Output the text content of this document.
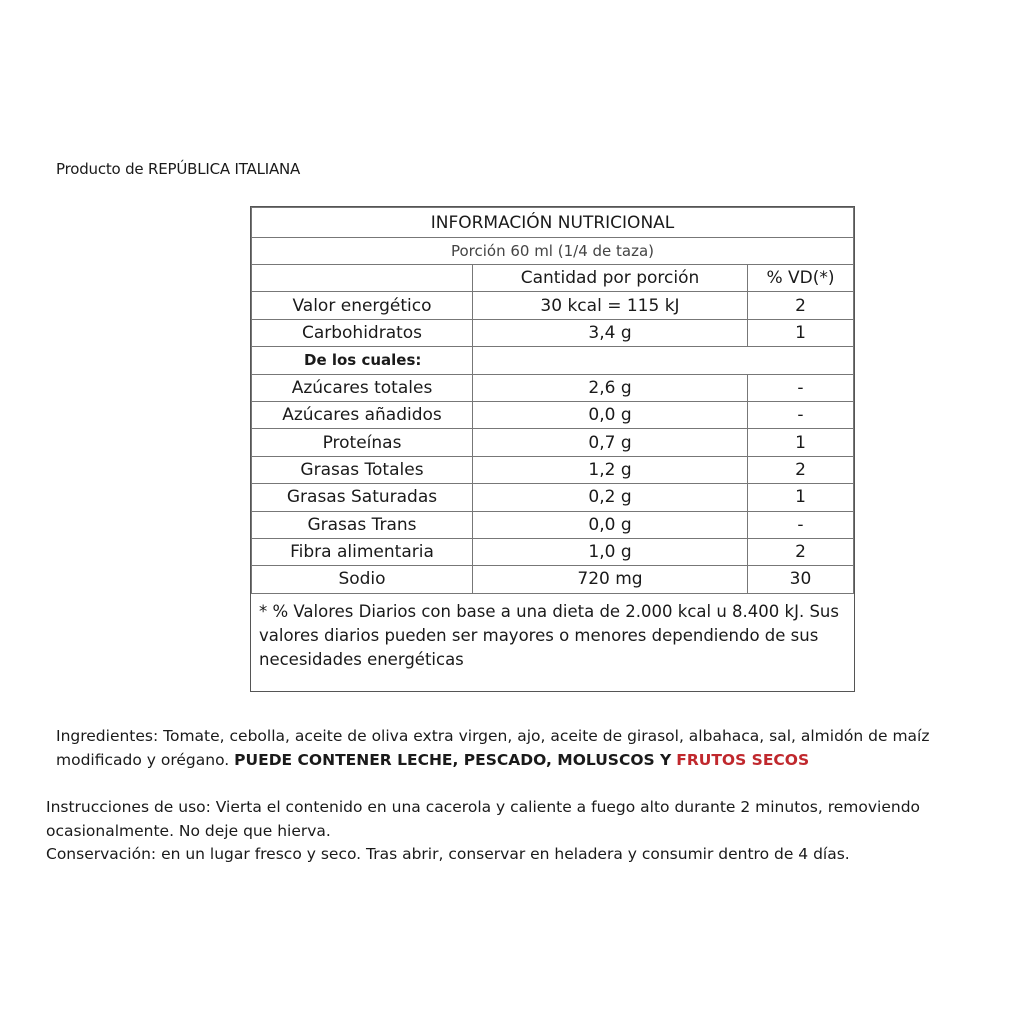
Producto de REPÚBLICA ITALIANA
INFORMACIÓN NUTRICIONAL		
Porción 60 ml (1/4 de taza)		
	Cantidad por porción	% VD(*)
Valor energético	30 kcal = 115 kJ	2
Carbohidratos	3,4 g	1
De los cuales:		
Azúcares totales	2,6 g	-
Azúcares añadidos	0,0 g	-
Proteínas	0,7 g	1
Grasas Totales	1,2 g	2
Grasas Saturadas	0,2 g	1
Grasas Trans	0,0 g	-
Fibra alimentaria	1,0 g	2
Sodio	720 mg	30
* % Valores Diarios con base a una dieta de 2.000 kcal u 8.400 kJ. Sus valores diarios pueden ser mayores o menores dependiendo de sus necesidades energéticas
Ingredientes: Tomate, cebolla, aceite de oliva extra virgen, ajo, aceite de girasol, albahaca, sal, almidón de maíz modificado y orégano. PUEDE CONTENER LECHE, PESCADO, MOLUSCOS Y FRUTOS SECOS
Instrucciones de uso: Vierta el contenido en una cacerola y caliente a fuego alto durante 2 minutos, removiendo ocasionalmente. No deje que hierva.
Conservación: en un lugar fresco y seco. Tras abrir, conservar en heladera y consumir dentro de 4 días.
